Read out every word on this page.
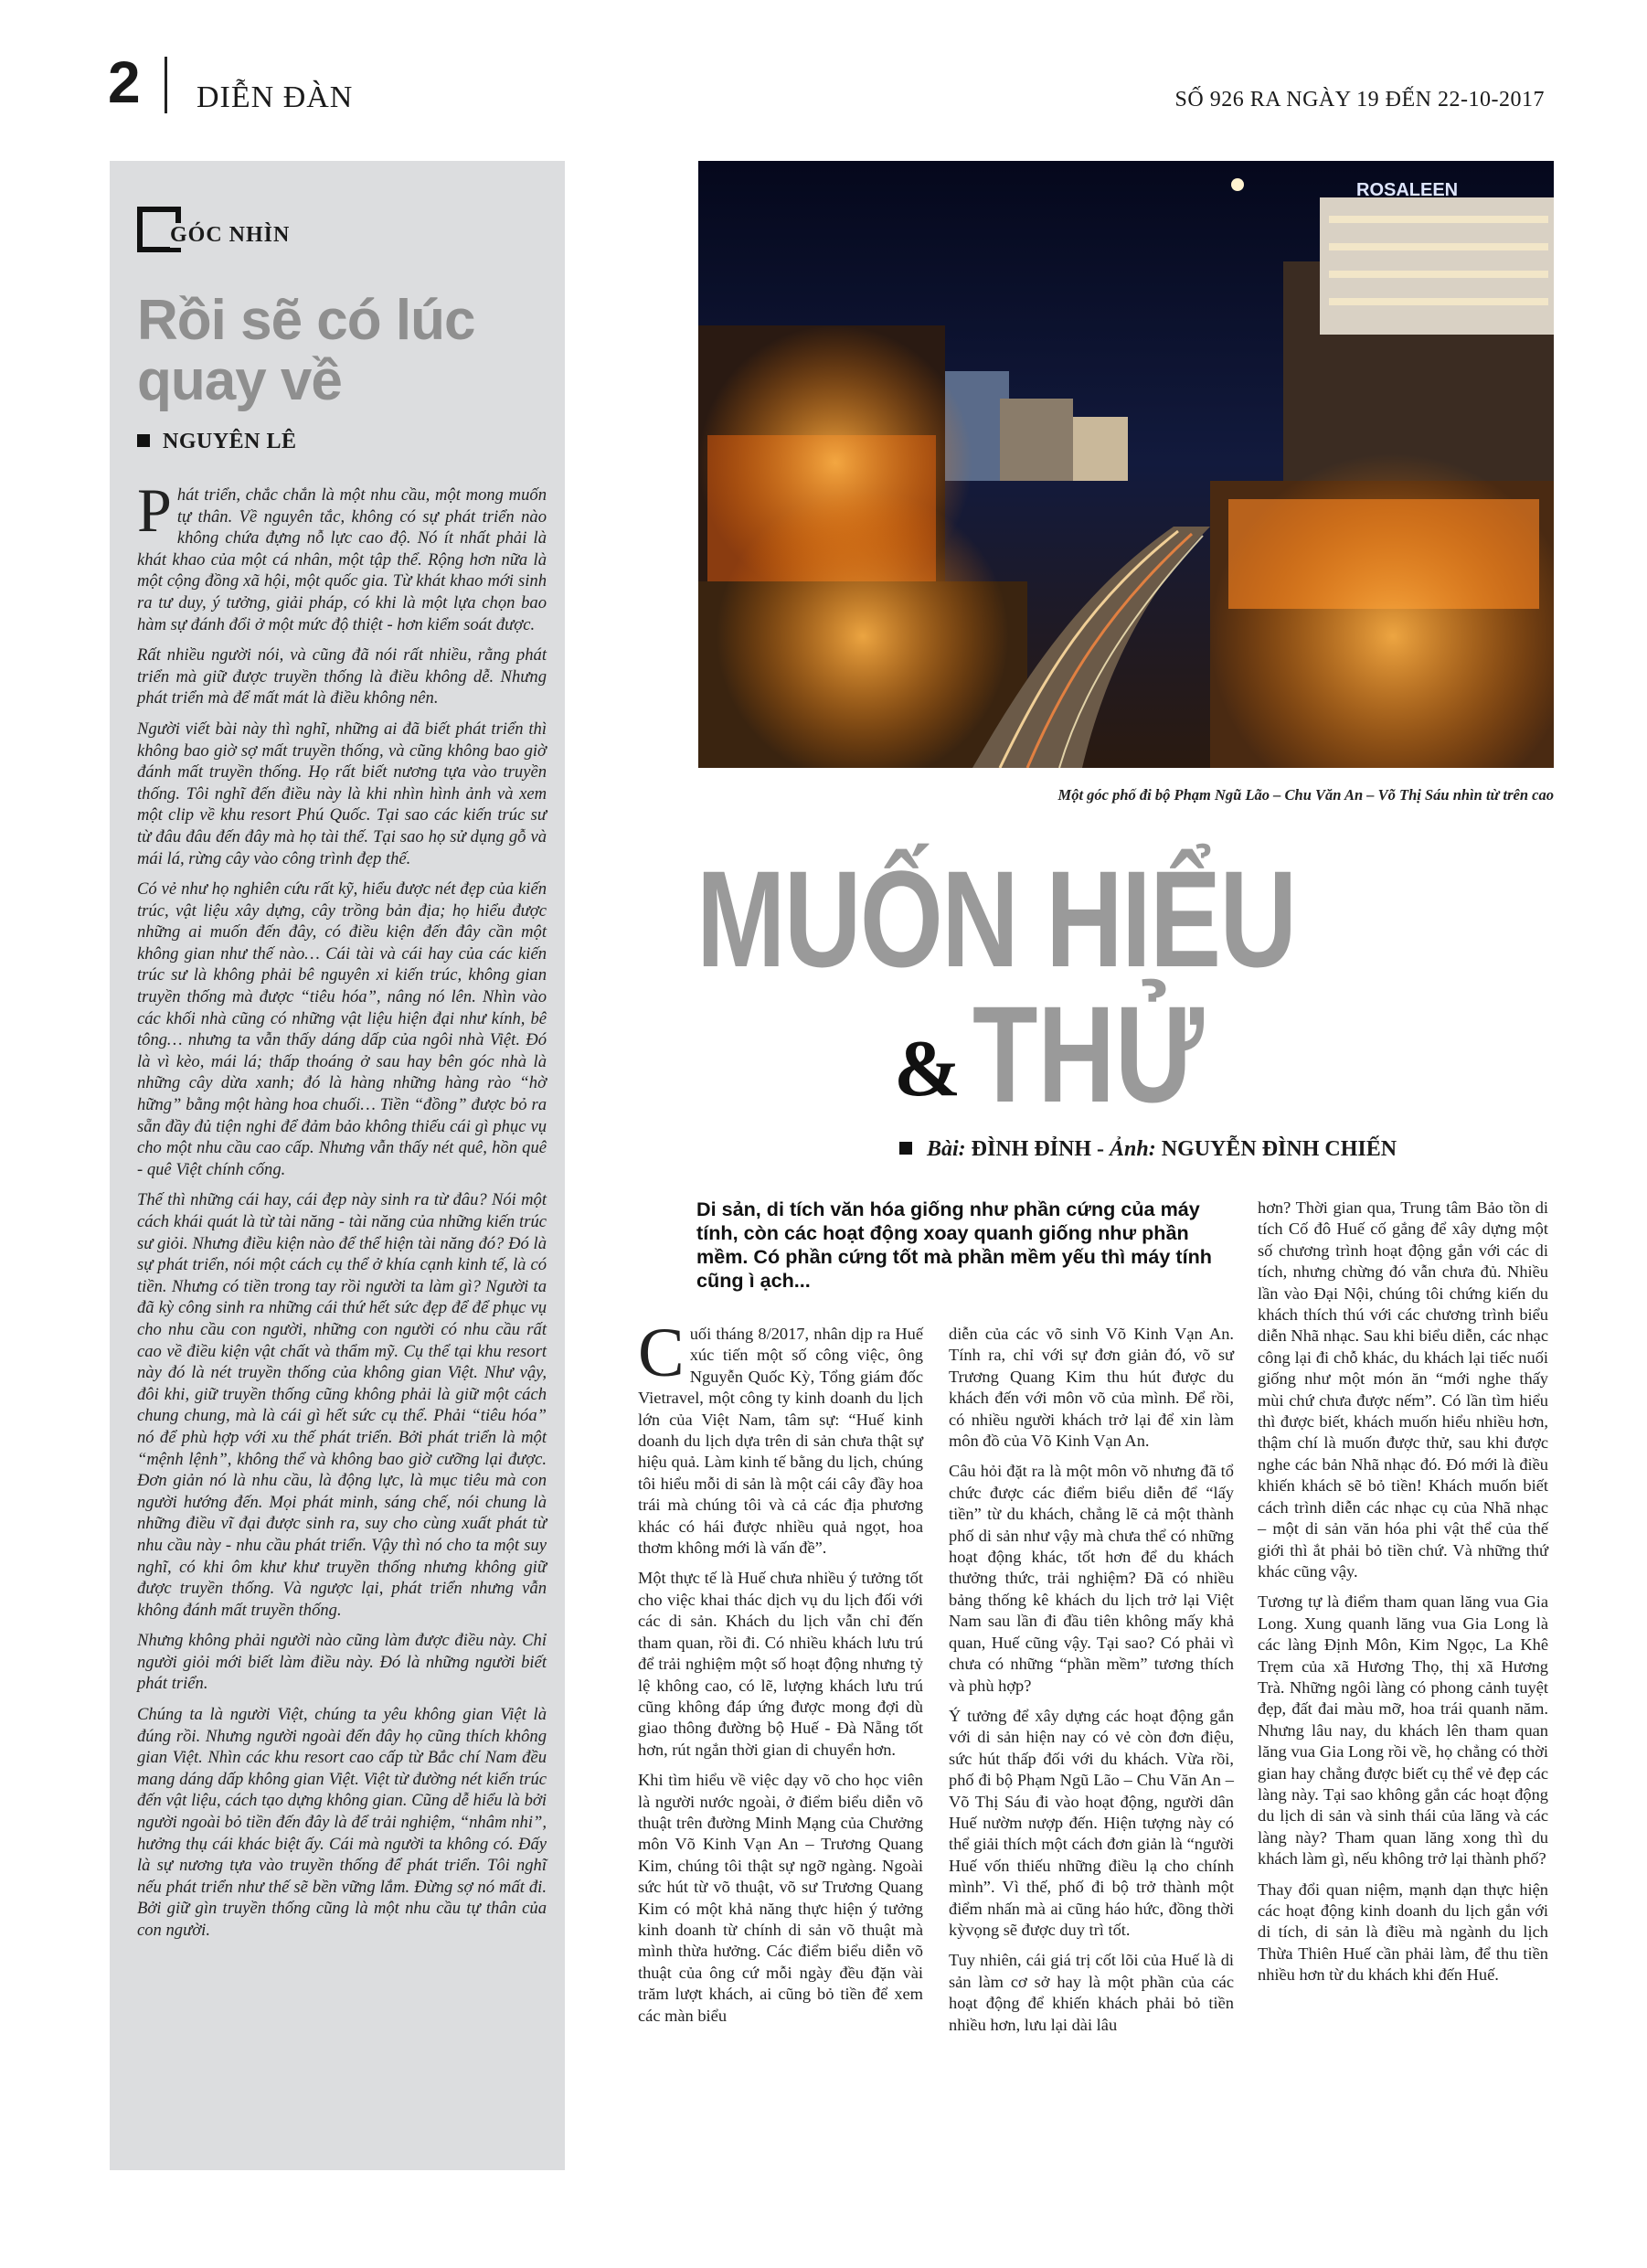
2 DIỄN ĐÀN	SỐ 926 RA NGÀY 19 ĐẾN 22-10-2017
GÓC NHÌN
Rồi sẽ có lúc quay về
NGUYÊN LÊ

Phát triển, chắc chắn là một nhu cầu, một mong muốn tự thân. Về nguyên tắc, không có sự phát triển nào không chứa đựng nỗ lực cao độ. Nó ít nhất phải là khát khao của một cá nhân, một tập thể. Rộng hơn nữa là một cộng đồng xã hội, một quốc gia. Từ khát khao mới sinh ra tư duy, ý tưởng, giải pháp, có khi là một lựa chọn bao hàm sự đánh đổi ở một mức độ thiệt - hơn kiểm soát được.

Rất nhiều người nói, và cũng đã nói rất nhiều, rằng phát triển mà giữ được truyền thống là điều không dễ. Nhưng phát triển mà để mất mát là điều không nên.

Người viết bài này thì nghĩ, những ai đã biết phát triển thì không bao giờ sợ mất truyền thống, và cũng không bao giờ đánh mất truyền thống. Họ rất biết nương tựa vào truyền thống. Tôi nghĩ đến điều này là khi nhìn hình ảnh và xem một clip về khu resort Phú Quốc. Tại sao các kiến trúc sư từ đâu đâu đến đây mà họ tài thế. Tại sao họ sử dụng gỗ và mái lá, rừng cây vào công trình đẹp thế.

Có vẻ như họ nghiên cứu rất kỹ, hiểu được nét đẹp của kiến trúc, vật liệu xây dựng, cây trồng bản địa; họ hiểu được những ai muốn đến đây, có điều kiện đến đây cần một không gian như thế nào… Cái tài và cái hay của các kiến trúc sư là không phải bê nguyên xi kiến trúc, không gian truyền thống mà được “tiêu hóa”, nâng nó lên. Nhìn vào các khối nhà cũng có những vật liệu hiện đại như kính, bê tông… nhưng ta vẫn thấy dáng dấp của ngôi nhà Việt. Đó là vì kèo, mái lá; thấp thoáng ở sau hay bên góc nhà là những cây dừa xanh; đó là hàng những hàng rào “hờ hững” bằng một hàng hoa chuối… Tiền “đồng” được bỏ ra sẵn đầy đủ tiện nghi để đảm bảo không thiếu cái gì phục vụ cho một nhu cầu cao cấp. Nhưng vẫn thấy nét quê, hồn quê - quê Việt chính cống.

Thế thì những cái hay, cái đẹp này sinh ra từ đâu? Nói một cách khái quát là từ tài năng - tài năng của những kiến trúc sư giỏi. Nhưng điều kiện nào để thể hiện tài năng đó? Đó là sự phát triển, nói một cách cụ thể ở khía cạnh kinh tế, là có tiền. Nhưng có tiền trong tay rồi người ta làm gì? Người ta đã kỳ công sinh ra những cái thứ hết sức đẹp để để phục vụ cho nhu cầu con người, những con người có nhu cầu rất cao về điều kiện vật chất và thẩm mỹ. Cụ thể tại khu resort này đó là nét truyền thống của không gian Việt. Như vậy, đôi khi, giữ truyền thống cũng không phải là giữ một cách chung chung, mà là cái gì hết sức cụ thể. Phải “tiêu hóa” nó để phù hợp với xu thế phát triển. Bởi phát triển là một “mệnh lệnh”, không thể và không bao giờ cưỡng lại được. Đơn giản nó là nhu cầu, là động lực, là mục tiêu mà con người hướng đến. Mọi phát minh, sáng chế, nói chung là những điều vĩ đại được sinh ra, suy cho cùng xuất phát từ nhu cầu này - nhu cầu phát triển. Vậy thì nó cho ta một suy nghĩ, có khi ôm khư khư truyền thống nhưng không giữ được truyền thống. Và ngược lại, phát triển nhưng vẫn không đánh mất truyền thống.

Nhưng không phải người nào cũng làm được điều này. Chỉ người giỏi mới biết làm điều này. Đó là những người biết phát triển.

Chúng ta là người Việt, chúng ta yêu không gian Việt là đúng rồi. Nhưng người ngoài đến đây họ cũng thích không gian Việt. Nhìn các khu resort cao cấp từ Bắc chí Nam đều mang dáng dấp không gian Việt. Việt từ đường nét kiến trúc đến vật liệu, cách tạo dựng không gian. Cũng dễ hiểu là bởi người ngoài bỏ tiền đến đây là để trải nghiệm, “nhâm nhi”, hưởng thụ cái khác biệt ấy. Cái mà người ta không có. Đấy là sự nương tựa vào truyền thống để phát triển. Tôi nghĩ nếu phát triển như thế sẽ bền vững lắm. Đừng sợ nó mất đi. Bởi giữ gìn truyền thống cũng là một nhu cầu tự thân của con người.

ROSALEEN
Một góc phố đi bộ Phạm Ngũ Lão – Chu Văn An – Võ Thị Sáu nhìn từ trên cao
MUỐN HIỂU
& THỬ
Bài: ĐÌNH ĐỈNH - Ảnh: NGUYỄN ĐÌNH CHIẾN
Di sản, di tích văn hóa giống như phần cứng của máy tính, còn các hoạt động xoay quanh giống như phần mềm. Có phần cứng tốt mà phần mềm yếu thì máy tính cũng ì ạch...

Cuối tháng 8/2017, nhân dịp ra Huế xúc tiến một số công việc, ông Nguyễn Quốc Kỳ, Tổng giám đốc Vietravel, một công ty kinh doanh du lịch lớn của Việt Nam, tâm sự: “Huế kinh doanh du lịch dựa trên di sản chưa thật sự hiệu quả. Làm kinh tế bằng du lịch, chúng tôi hiểu mỗi di sản là một cái cây đầy hoa trái mà chúng tôi và cả các địa phương khác có hái được nhiều quả ngọt, hoa thơm không mới là vấn đề”.

Một thực tế là Huế chưa nhiều ý tưởng tốt cho việc khai thác dịch vụ du lịch đối với các di sản. Khách du lịch vẫn chỉ đến tham quan, rồi đi. Có nhiều khách lưu trú để trải nghiệm một số hoạt động nhưng tỷ lệ không cao, có lẽ, lượng khách lưu trú cũng không đáp ứng được mong đợi dù giao thông đường bộ Huế - Đà Nẵng tốt hơn, rút ngắn thời gian di chuyển hơn.

Khi tìm hiểu về việc dạy võ cho học viên là người nước ngoài, ở điểm biểu diễn võ thuật trên đường Minh Mạng của Chưởng môn Võ Kinh Vạn An – Trương Quang Kim, chúng tôi thật sự ngỡ ngàng. Ngoài sức hút từ võ thuật, võ sư Trương Quang Kim có một khả năng thực hiện ý tưởng kinh doanh từ chính di sản võ thuật mà mình thừa hưởng. Các điểm biểu diễn võ thuật của ông cứ mỗi ngày đều đặn vài trăm lượt khách, ai cũng bỏ tiền để xem các màn biểu

diễn của các võ sinh Võ Kinh Vạn An. Tính ra, chỉ với sự đơn giản đó, võ sư Trương Quang Kim thu hút được du khách đến với môn võ của mình. Để rồi, có nhiều người khách trở lại để xin làm môn đồ của Võ Kinh Vạn An.

Câu hỏi đặt ra là một môn võ nhưng đã tổ chức được các điểm biểu diễn để “lấy tiền” từ du khách, chẳng lẽ cả một thành phố di sản như vậy mà chưa thể có những hoạt động khác, tốt hơn để du khách thưởng thức, trải nghiệm? Đã có nhiều bảng thống kê khách du lịch trở lại Việt Nam sau lần đi đầu tiên không mấy khả quan, Huế cũng vậy. Tại sao? Có phải vì chưa có những “phần mềm” tương thích và phù hợp?

Ý tưởng để xây dựng các hoạt động gắn với di sản hiện nay có vẻ còn đơn điệu, sức hút thấp đối với du khách. Vừa rồi, phố đi bộ Phạm Ngũ Lão – Chu Văn An – Võ Thị Sáu đi vào hoạt động, người dân Huế nườm nượp đến. Hiện tượng này có thể giải thích một cách đơn giản là “người Huế vốn thiếu những điều lạ cho chính mình”. Vì thế, phố đi bộ trở thành một điểm nhấn mà ai cũng háo hức, đồng thời kỳvọng sẽ được duy trì tốt.

Tuy nhiên, cái giá trị cốt lõi của Huế là di sản làm cơ sở hay là một phần của các hoạt động để khiến khách phải bỏ tiền nhiều hơn, lưu lại dài lâu

hơn? Thời gian qua, Trung tâm Bảo tồn di tích Cố đô Huế cố gắng để xây dựng một số chương trình hoạt động gắn với các di tích, nhưng chừng đó vẫn chưa đủ. Nhiều lần vào Đại Nội, chúng tôi chứng kiến du khách thích thú với các chương trình biểu diễn Nhã nhạc. Sau khi biểu diễn, các nhạc công lại đi chỗ khác, du khách lại tiếc nuối giống như một món ăn “mới nghe thấy mùi chứ chưa được nếm”. Có lần tìm hiểu thì được biết, khách muốn hiểu nhiều hơn, thậm chí là muốn được thử, sau khi được nghe các bản Nhã nhạc đó. Đó mới là điều khiến khách sẽ bỏ tiền! Khách muốn biết cách trình diễn các nhạc cụ của Nhã nhạc – một di sản văn hóa phi vật thể của thế giới thì ắt phải bỏ tiền chứ. Và những thứ khác cũng vậy.

Tương tự là điểm tham quan lăng vua Gia Long. Xung quanh lăng vua Gia Long là các làng Định Môn, Kim Ngọc, La Khê Trẹm của xã Hương Thọ, thị xã Hương Trà. Những ngôi làng có phong cảnh tuyệt đẹp, đất đai màu mỡ, hoa trái quanh năm. Nhưng lâu nay, du khách lên tham quan lăng vua Gia Long rồi về, họ chẳng có thời gian hay chẳng được biết cụ thể vẻ đẹp các làng này. Tại sao không gắn các hoạt động du lịch di sản và sinh thái của lăng và các làng này? Tham quan lăng xong thì du khách làm gì, nếu không trở lại thành phố?

Thay đổi quan niệm, mạnh dạn thực hiện các hoạt động kinh doanh du lịch gắn với di tích, di sản là điều mà ngành du lịch Thừa Thiên Huế cần phải làm, để thu tiền nhiều hơn từ du khách khi đến Huế.
